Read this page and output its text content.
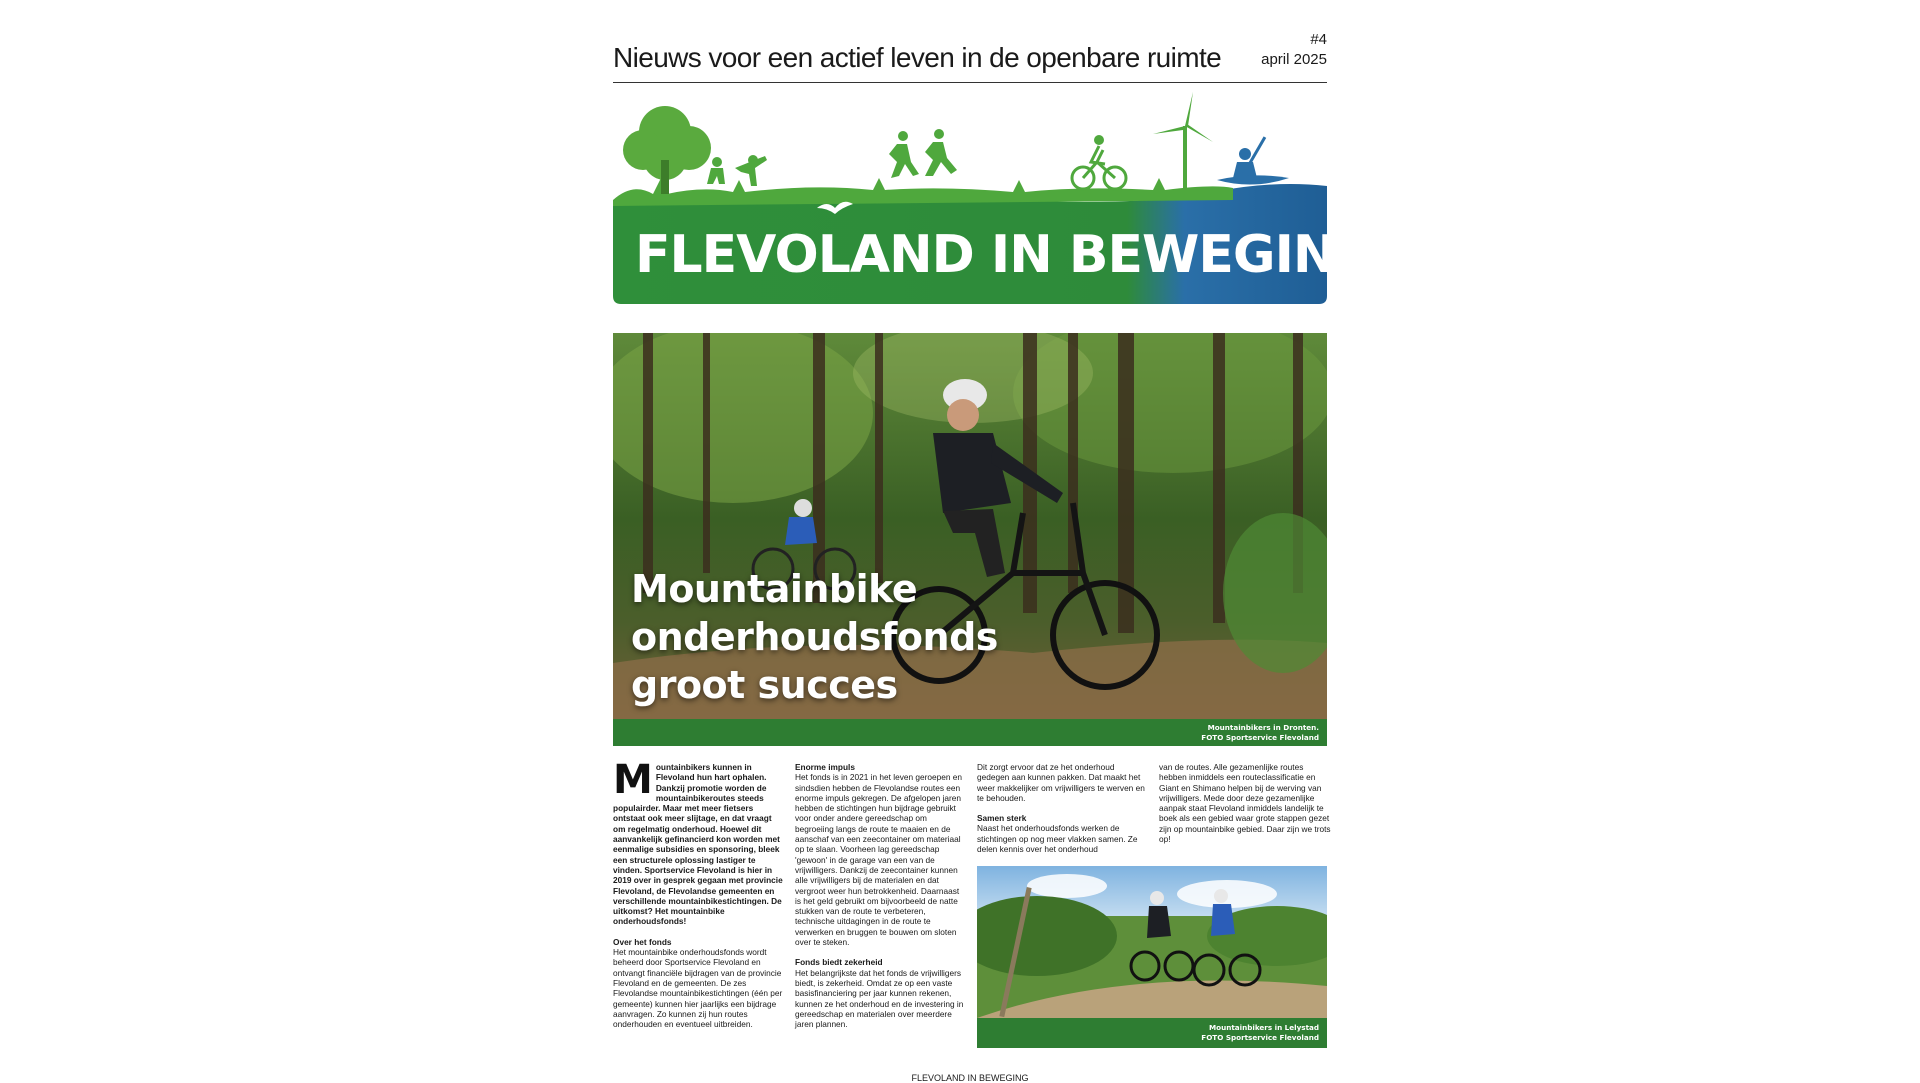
Nieuws voor een actief leven in de openbare ruimte
#4
april 2025
FLEVOLAND IN BEWEGING
Mountainbike
onderhoudsfonds
groot succes
Mountainbikers in Dronten.
FOTO Sportservice Flevoland

M ountainbikers kunnen in Flevoland hun hart ophalen. Dankzij promotie worden de mountainbikeroutes steeds populairder. Maar met meer fietsers ontstaat ook meer slijtage, en dat vraagt om regelmatig onderhoud. Hoewel dit aanvankelijk gefinancierd kon worden met eenmalige subsidies en sponsoring, bleek een structurele oplossing lastiger te vinden. Sportservice Flevoland is hier in 2019 over in gesprek gegaan met provincie Flevoland, de Flevolandse gemeenten en verschillende mountainbikestichtingen. De uitkomst? Het mountainbike onderhoudsfonds!

Over het fonds
Het mountainbike onderhoudsfonds wordt beheerd door Sportservice Flevoland en ontvangt financiële bijdragen van de provincie Flevoland en de gemeenten. De zes Flevolandse mountainbikestichtingen (één per gemeente) kunnen hier jaarlijks een bijdrage aanvragen. Zo kunnen zij hun routes onderhouden en eventueel uitbreiden.

Enorme impuls
Het fonds is in 2021 in het leven geroepen en sindsdien hebben de Flevolandse routes een enorme impuls gekregen. De afgelopen jaren hebben de stichtingen hun bijdrage gebruikt voor onder andere gereedschap om begroeiing langs de route te maaien en de aanschaf van een zeecontainer om materiaal op te slaan. Voorheen lag gereedschap 'gewoon' in de garage van een van de vrijwilligers. Dankzij de zeecontainer kunnen alle vrijwilligers bij de materialen en dat vergroot weer hun betrokkenheid. Daarnaast is het geld gebruikt om bijvoorbeeld de natte stukken van de route te verbeteren, technische uitdagingen in de route te verwerken en bruggen te bouwen om sloten over te steken.

Fonds biedt zekerheid
Het belangrijkste dat het fonds de vrijwilligers biedt, is zekerheid. Omdat ze op een vaste basisfinanciering per jaar kunnen rekenen, kunnen ze het onderhoud en de investering in gereedschap en materialen over meerdere jaren plannen.

Dit zorgt ervoor dat ze het onderhoud gedegen aan kunnen pakken. Dat maakt het weer makkelijker om vrijwilligers te werven en te behouden.

Samen sterk
Naast het onderhoudsfonds werken de stichtingen op nog meer vlakken samen. Ze delen kennis over het onderhoud

van de routes. Alle gezamenlijke routes hebben inmiddels een routeclassificatie en Giant en Shimano helpen bij de werving van vrijwilligers. Mede door deze gezamenlijke aanpak staat Flevoland inmiddels landelijk te boek als een gebied waar grote stappen gezet zijn op mountainbike gebied. Daar zijn we trots op!

Mountainbikers in Lelystad
FOTO Sportservice Flevoland
FLEVOLAND IN BEWEGING
